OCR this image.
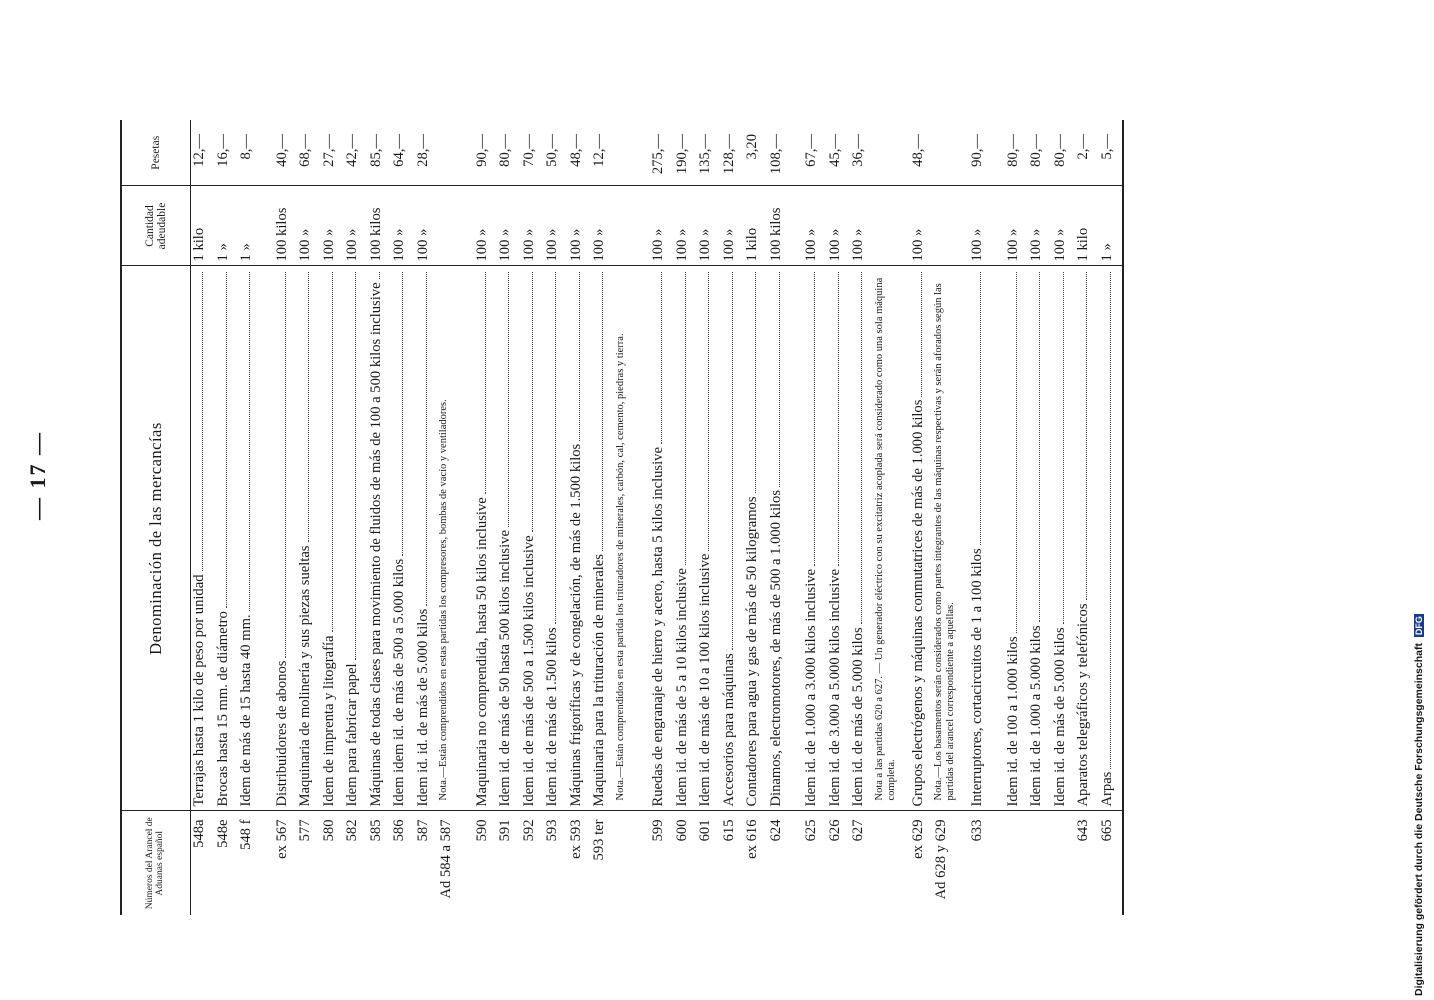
— 17 —
Números del Arancel de Aduanas español	Denominación de las mercancías	Cantidad adeudable	Pesetas
548a	Terrajas hasta 1 kilo de peso por unidad	1 kilo	12,—
548e	Brocas hasta 15 mm. de diámetro	1 »	16,—
548 f	Idem de más de 15 hasta 40 mm.	1 »	8,—

ex 567	Distribuidores de abonos	100 kilos	40,—
577	Maquinaria de molinería y sus piezas sueltas	100 »	68,—
580	Idem de imprenta y litografía	100 »	27,—
582	Idem para fabricar papel	100 »	42,—
585	Máquinas de todas clases para movimiento de fluidos de más de 100 a 500 kilos inclusive	100 kilos	85,—
586	Idem idem id. de más de 500 a 5.000 kilos	100 »	64,—
587	Idem id. id. de más de 5.000 kilos	100 »	28,—
Ad 584 a 587	Nota.—Están comprendidos en estas partidas los compresores, bombas de vacío y ventiladores.		

590	Maquinaria no comprendida, hasta 50 kilos inclusive	100 »	90,—
591	Idem id. de más de 50 hasta 500 kilos inclusive	100 »	80,—
592	Idem id. de más de 500 a 1.500 kilos inclusive	100 »	70,—
593	Idem id. de más de 1.500 kilos	100 »	50,—
ex 593	Máquinas frigoríficas y de congelación, de más de 1.500 kilos	100 »	48,—
593 ter	Maquinaria para la trituración de minerales	100 »	12,—

	Nota.—Están comprendidos en esta partida los trituradores de minerales, carbón, cal, cemento, piedras y tierra.		

599	Ruedas de engranaje de hierro y acero, hasta 5 kilos inclusive	100 »	275,—
600	Idem id. de más de 5 a 10 kilos inclusive	100 »	190,—
601	Idem id. de más de 10 a 100 kilos inclusive	100 »	135,—
615	Accesorios para máquinas	100 »	128,—
ex 616	Contadores para agua y gas de más de 50 kilogramos	1 kilo	3,20
624	Dinamos, electromotores, de más de 500 a 1.000 kilos	100 kilos	108,—

625	Idem id. de 1.000 a 3.000 kilos inclusive	100 »	67,—
626	Idem id. de 3.000 a 5.000 kilos inclusive	100 »	45,—
627	Idem id. de más de 5.000 kilos	100 »	36,—

	Nota a las partidas 620 a 627. — Un generador eléctrico con su excitatriz acoplada será considerado como una sola máquina completa.		

ex 629	Grupos electrógenos y máquinas conmutatrices de más de 1.000 kilos	100 »	48,—
Ad 628 y 629	Nota.—Los basamentos serán considerados como partes integrantes de las máquinas respectivas y serán aforados según las partidas del arancel correspondiente a aquellas.		

633	Interruptores, cortacircuitos de 1 a 100 kilos	100 »	90,—

	Idem id. de 100 a 1.000 kilos	100 »	80,—

	Idem id. de 1.000 a 5.000 kilos	100 »	80,—

	Idem id. de más de 5.000 kilos	100 »	80,—
643	Aparatos telegráficos y telefónicos	1 kilo	2,—
665	Arpas	1 »	5,—
Digitalisierung gefördert durch die Deutsche Forschungsgemeinschaft DFG
